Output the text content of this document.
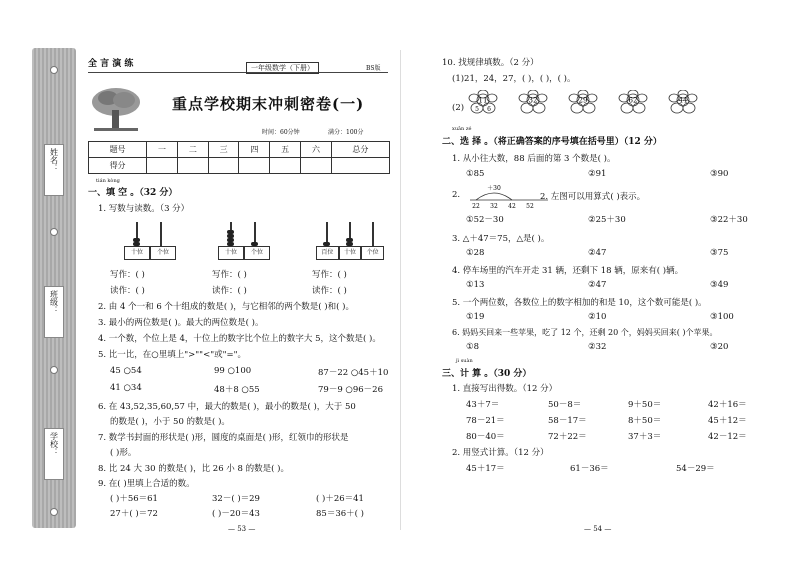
姓名：
班级：
学校：
全 言 演 练	一年级数学（下册）	BS版
重点学校期末冲刺密卷(一)
时间：60分钟	满分：100分
题号	一	二	三	四	五	六	总分
得分							
tián kòng
一、填 空 。（32 分）
1. 写数与读数。（3 分）
十位	个位	十位	个位	百位	十位	个位
写作：( )	写作：( )	写作：( )
读作：( )	读作：( )	读作：( )
2. 由 4 个一和 6 个十组成的数是( )，与它相邻的两个数是( )和( )。
3. 最小的两位数是( )。最大的两位数是( )。
4. 一个数，个位上是 4，十位上的数字比个位上的数字大 5，这个数是( )。
5. 比一比，在○里填上">""<"或"="。
45 ○54	99 ○100	87－22 ○45＋10
41 ○34	48＋8 ○55	79－9 ○96－26
6. 在 43,52,35,60,57 中，最大的数是( )，最小的数是( )，大于 50
的数是( )，小于 50 的数是( )。
7. 数学书封面的形状是( )形，圆度的桌面是( )形，红领巾的形状是
( )形。
8. 比 24 大 30 的数是( )，比 26 小 8 的数是( )。
9. 在( )里填上合适的数。
( )＋56＝61	32－( )＝29	( )＋26＝41
27＋( )＝72	( )－20＝43	85＝36＋( )
— 53 —
10. 找规律填数。（2 分）
(1)21，24，27，( )，( )，( )。
(2)
11
5 6
32	29	62	44
xuǎn zé
二、选 择 。（将正确答案的序号填在括号里）（12 分）
1. 从小往大数，88 后面的第 3 个数是( )。
①85	②91	③90
2.
＋30
22 32 42 52
2. 左图可以用算式( )表示。
①52－30	②25＋30	③22＋30
3. △＋47＝75，△是( )。
①28	②47	③75
4. 停车场里的汽车开走 31 辆，还剩下 18 辆，原来有( )辆。
①13	②47	③49
5. 一个两位数，各数位上的数字相加的和是 10，这个数可能是( )。
①19	②10	③100
6. 妈妈买回来一些苹果，吃了 12 个，还剩 20 个，妈妈买回来( )个苹果。
①8	②32	③20
jì suàn
三、计 算 。（30 分）
1. 直接写出得数。（12 分）
43＋7＝	50－8＝	9＋50＝	42＋16＝
78－21＝	58－17＝	8＋50＝	45＋12＝
80－40＝	72＋22＝	37＋3＝	42－12＝
2. 用竖式计算。（12 分）
45＋17＝	61－36＝	54－29＝
— 54 —
